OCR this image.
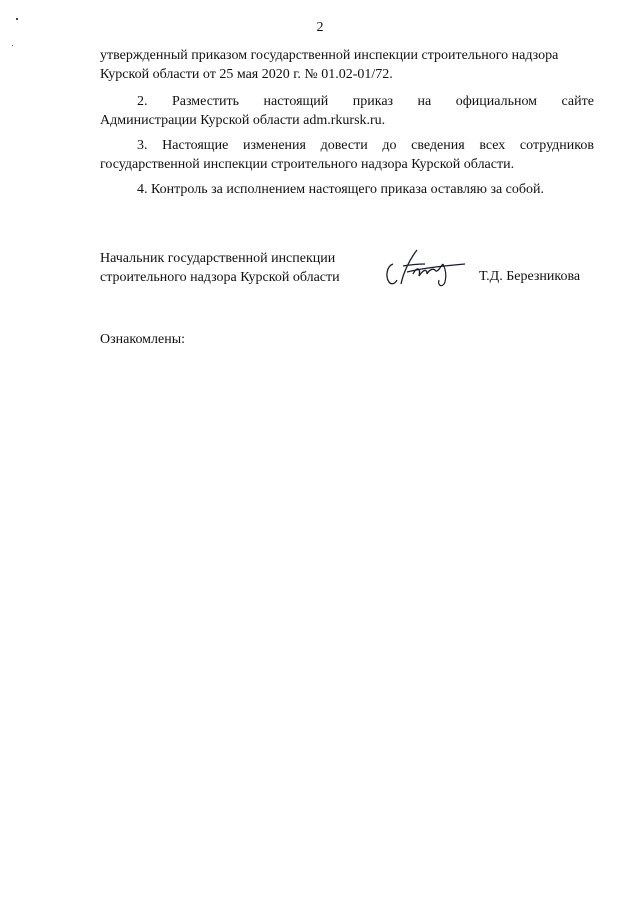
2

утвержденный приказом государственной инспекции строительного надзора

Курской области от 25 мая 2020 г. № 01.02-01/72.

2. Разместить настоящий приказ на официальном сайте
Администрации Курской области adm.rkursk.ru.

3. Настоящие изменения довести до сведения всех сотрудников государственной инспекции строительного надзора Курской области.

4. Контроль за исполнением настоящего приказа оставляю за собой.

Начальник государственной инспекции
строительного надзора Курской области	Т.Д. Березникова
Ознакомлены:
